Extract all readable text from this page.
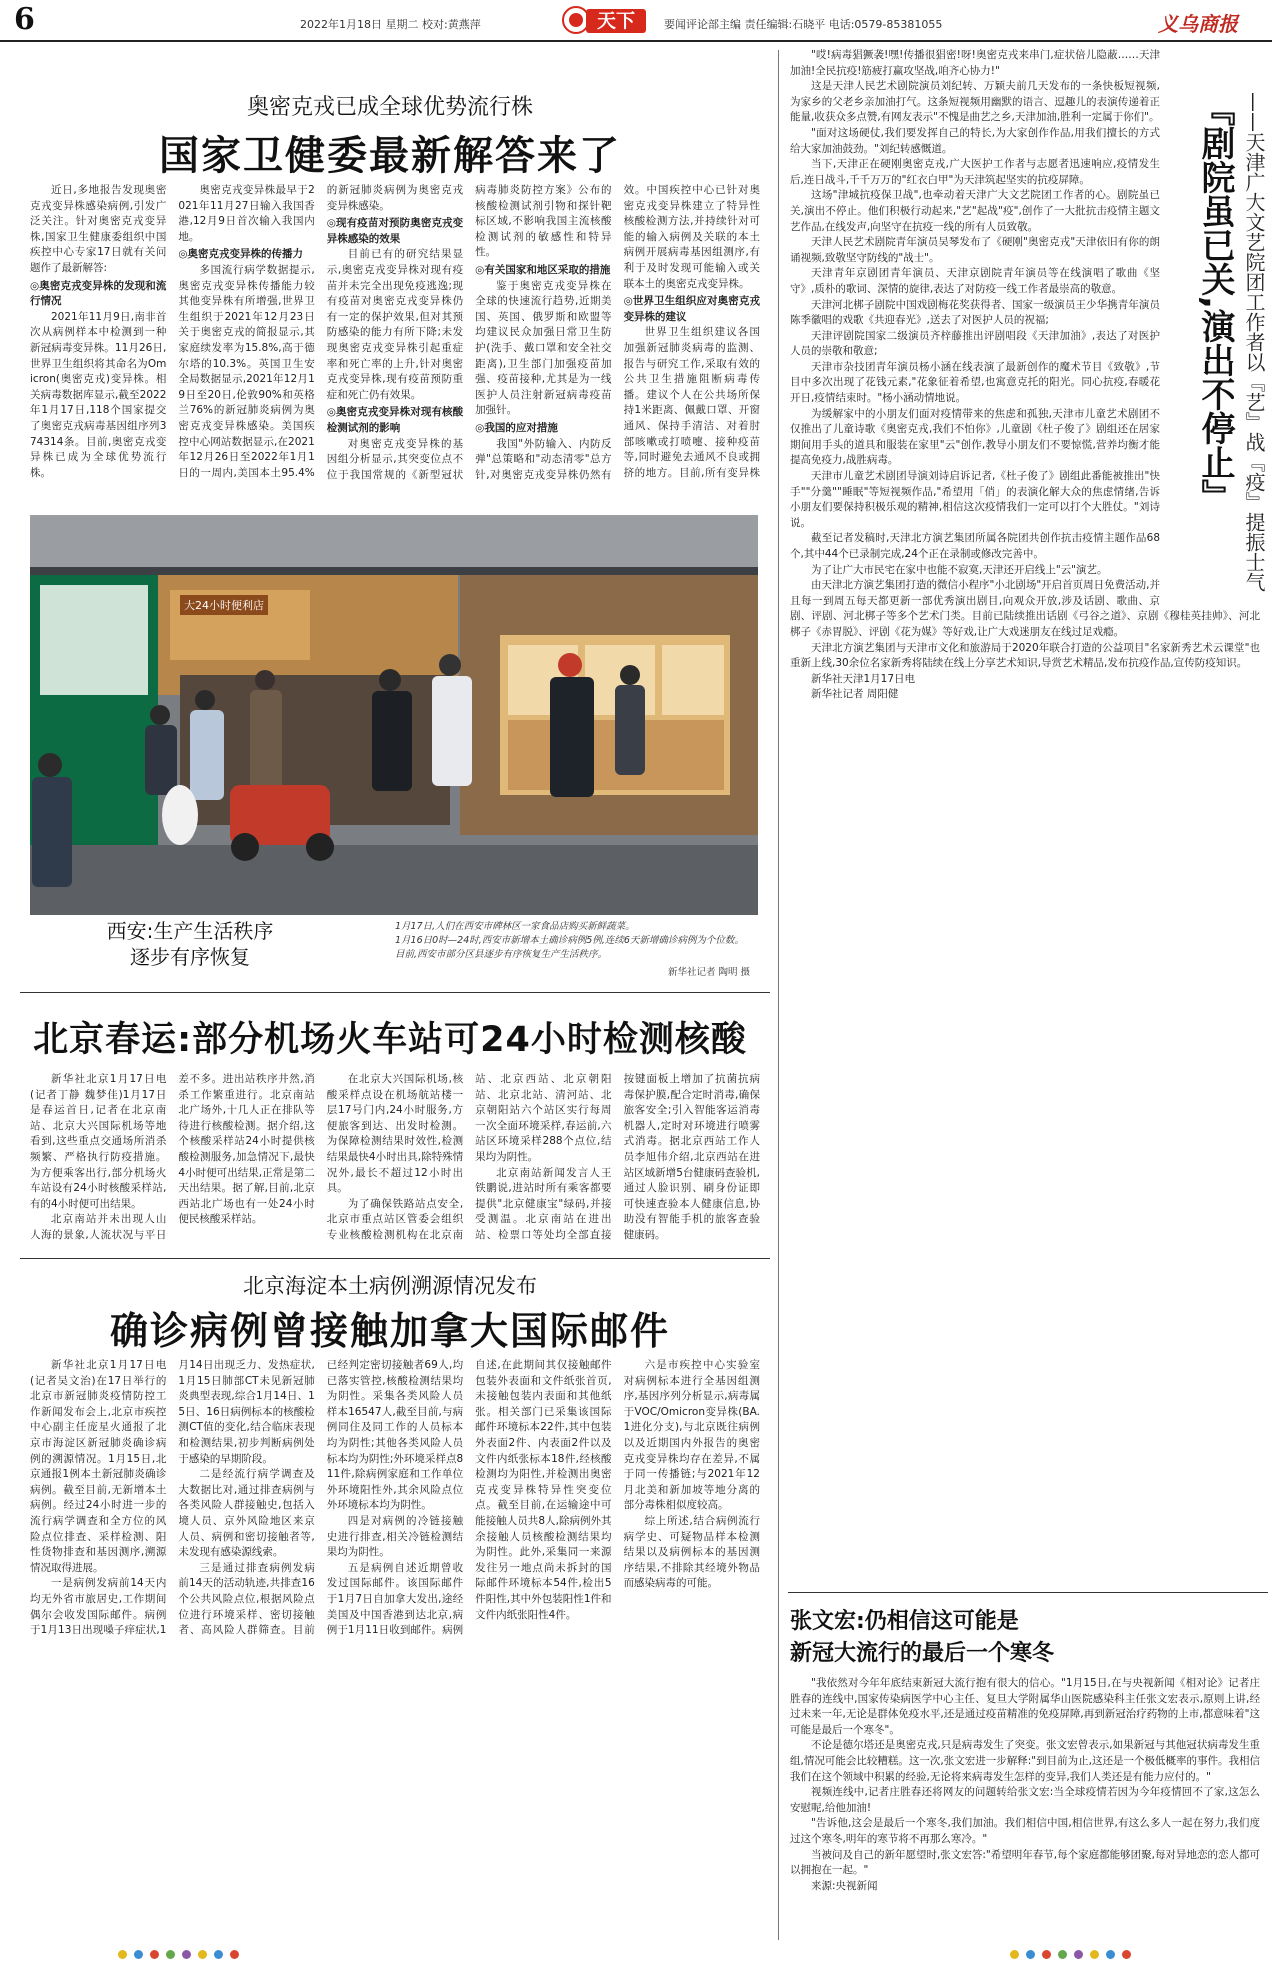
6	2022年1月18日 星期二 校对:黄燕萍	天下	要闻评论部主编 责任编辑:石晓平 电话:0579-85381055	义乌商报
奥密克戎已成全球优势流行株
国家卫健委最新解答来了

近日,多地报告发现奥密克戎变异株感染病例,引发广泛关注。针对奥密克戎变异株,国家卫生健康委组织中国疾控中心专家17日就有关问题作了最新解答:

◎奥密克戎变异株的发现和流行情况

2021年11月9日,南非首次从病例样本中检测到一种新冠病毒变异株。11月26日,世界卫生组织将其命名为Omicron(奥密克戎)变异株。相关病毒数据库显示,截至2022年1月17日,118个国家提交了奥密克戎病毒基因组序列374314条。目前,奥密克戎变异株已成为全球优势流行株。

奥密克戎变异株最早于2021年11月27日输入我国香港,12月9日首次输入我国内地。

◎奥密克戎变异株的传播力

多国流行病学数据提示,奥密克戎变异株传播能力较其他变异株有所增强,世界卫生组织于2021年12月23日关于奥密克戎的简报显示,其家庭续发率为15.8%,高于德尔塔的10.3%。英国卫生安全局数据显示,2021年12月19日至20日,伦敦90%和英格兰76%的新冠肺炎病例为奥密克戎变异株感染。美国疾控中心网站数据显示,在2021年12月26日至2022年1月1日的一周内,美国本土95.4%的新冠肺炎病例为奥密克戎变异株感染。

◎现有疫苗对预防奥密克戎变异株感染的效果

目前已有的研究结果显示,奥密克戎变异株对现有疫苗并未完全出现免疫逃逸;现有疫苗对奥密克戎变异株仍有一定的保护效果,但对其预防感染的能力有所下降;未发现奥密克戎变异株引起重症率和死亡率的上升,针对奥密克戎变异株,现有疫苗预防重症和死亡仍有效果。

◎奥密克戎变异株对现有核酸检测试剂的影响

对奥密克戎变异株的基因组分析显示,其突变位点不位于我国常规的《新型冠状病毒肺炎防控方案》公布的核酸检测试剂引物和探针靶标区域,不影响我国主流核酸检测试剂的敏感性和特异性。

◎有关国家和地区采取的措施

鉴于奥密克戎变异株在全球的快速流行趋势,近期美国、英国、俄罗斯和欧盟等均建议民众加强日常卫生防护(洗手、戴口罩和安全社交距离),卫生部门加强疫苗加强、疫苗接种,尤其是为一线医护人员注射新冠病毒疫苗加强针。

◎我国的应对措施

我国"外防输入、内防反弹"总策略和"动态清零"总方针,对奥密克戎变异株仍然有效。中国疾控中心已针对奥密克戎变异株建立了特异性核酸检测方法,并持续针对可能的输入病例及关联的本土病例开展病毒基因组测序,有利于及时发现可能输入或关联本土的奥密克戎变异株。

◎世界卫生组织应对奥密克戎变异株的建议

世界卫生组织建议各国加强新冠肺炎病毒的监测、报告与研究工作,采取有效的公共卫生措施阻断病毒传播。建议个人在公共场所保持1米距离、佩戴口罩、开窗通风、保持手清洁、对着肘部咳嗽或打喷嚏、接种疫苗等,同时避免去通风不良或拥挤的地方。目前,所有变异株

大24小时便利店
西安:生产生活秩序
逐步有序恢复
1月17日,人们在西安市碑林区一家食品店购买新鲜蔬菜。
1月16日0时—24时,西安市新增本土确诊病例5例,连续6天新增确诊病例为个位数。目前,西安市部分区县逐步有序恢复生产生活秩序。
新华社记者 陶明 摄
北京春运:部分机场火车站可24小时检测核酸

新华社北京1月17日电(记者丁静 魏梦佳)1月17日是春运首日,记者在北京南站、北京大兴国际机场等地看到,这些重点交通场所消杀频繁、严格执行防疫措施。为方便乘客出行,部分机场火车站设有24小时核酸采样站,有的4小时便可出结果。

北京南站并未出现人山人海的景象,人流状况与平日差不多。进出站秩序井然,消杀工作繁重进行。北京南站北广场外,十几人正在排队等待进行核酸检测。据介绍,这个核酸采样站24小时提供核酸检测服务,加急情况下,最快4小时便可出结果,正常是第二天出结果。据了解,目前,北京西站北广场也有一处24小时便民核酸采样站。

在北京大兴国际机场,核酸采样点设在机场航站楼一层17号门内,24小时服务,方便旅客到达、出发时检测。为保障检测结果时效性,检测结果最快4小时出具,除特殊情况外,最长不超过12小时出具。

为了确保铁路站点安全,北京市重点站区管委会组织专业核酸检测机构在北京南站、北京西站、北京朝阳站、北京北站、清河站、北京朝阳站六个站区实行每周一次全面环境采样,春运前,六站区环境采样288个点位,结果均为阴性。

北京南站新闻发言人王铁鹏说,进站时所有乘客都要提供"北京健康宝"绿码,并接受测温。北京南站在进出站、检票口等处均全部直接按键面板上增加了抗菌抗病毒保护膜,配合定时消毒,确保旅客安全;引入智能客运消毒机器人,定时对环境进行喷雾式消毒。据北京西站工作人员李旭伟介绍,北京西站在进站区域新增5台健康码查验机,通过人脸识别、刷身份证即可快速查验本人健康信息,协助没有智能手机的旅客查验健康码。

北京海淀本土病例溯源情况发布
确诊病例曾接触加拿大国际邮件

新华社北京1月17日电(记者吴文治)在17日举行的北京市新冠肺炎疫情防控工作新闻发布会上,北京市疾控中心副主任庞星火通报了北京市海淀区新冠肺炎确诊病例的溯源情况。1月15日,北京通报1例本土新冠肺炎确诊病例。截至目前,无新增本土病例。经过24小时进一步的流行病学调查和全方位的风险点位排查、采样检测、阳性货物排查和基因测序,溯源情况取得进展。

一是病例发病前14天内均无外省市旅居史,工作期间偶尔会收发国际邮件。病例于1月13日出现嗓子痒症状,1月14日出现乏力、发热症状,1月15日肺部CT未见新冠肺炎典型表现,综合1月14日、15日、16日病例标本的核酸检测CT值的变化,结合临床表现和检测结果,初步判断病例处于感染的早期阶段。

二是经流行病学调查及大数据比对,通过排查病例与各类风险人群接触史,包括入境人员、京外风险地区来京人员、病例和密切接触者等,未发现有感染源线索。

三是通过排查病例发病前14天的活动轨迹,共排查16个公共风险点位,根据风险点位进行环境采样、密切接触者、高风险人群筛查。目前已经判定密切接触者69人,均已落实管控,核酸检测结果均为阴性。采集各类风险人员样本16547人,截至目前,与病例同住及同工作的人员标本均为阴性;其他各类风险人员标本均为阴性;外环境采样点811件,除病例家庭和工作单位外环境阳性外,其余风险点位外环境标本均为阴性。

四是对病例的冷链接触史进行排查,相关冷链检测结果均为阴性。

五是病例自述近期曾收发过国际邮件。该国际邮件于1月7日自加拿大发出,途经美国及中国香港到达北京,病例于1月11日收到邮件。病例自述,在此期间其仅接触邮件包装外表面和文件纸张首页,未接触包装内表面和其他纸张。相关部门已采集该国际邮件环境标本22件,其中包装外表面2件、内表面2件以及文件内纸张标本18件,经核酸检测均为阳性,并检测出奥密克戎变异株特异性突变位点。截至目前,在运输途中可能接触人员共8人,除病例外其余接触人员核酸检测结果均为阴性。此外,采集同一来源发往另一地点尚未拆封的国际邮件环境标本54件,检出5件阳性,其中外包装阳性1件和文件内纸张阳性4件。

六是市疾控中心实验室对病例标本进行全基因组测序,基因序列分析显示,病毒属于VOC/Omicron变异株(BA.1进化分支),与北京既往病例以及近期国内外报告的奥密克戎变异株均存在差异,不属于同一传播链;与2021年12月北美和新加坡等地分离的部分毒株相似度较高。

综上所述,结合病例流行病学史、可疑物品样本检测结果以及病例标本的基因测序结果,不排除其经境外物品而感染病毒的可能。

『剧院虽已关,演出不停止』 ——天津广大文艺院团工作者以『艺』战『疫』提振士气

"哎!病毒猖獗袭!嘿!传播很猖密!呀!奥密克戎来串门,症状倍儿隐蔽……天津加油!全民抗疫!筋疲打赢攻坚战,咱齐心协力!"

这是天津人民艺术剧院演员刘纪转、万颖夫前几天发布的一条快板短视频,为家乡的父老乡亲加油打气。这条短视频用幽默的语言、逗趣儿的表演传递着正能量,收获众多点赞,有网友表示"不愧是曲艺之乡,天津加油,胜利一定属于你们"。

"面对这场硬仗,我们要发挥自己的特长,为大家创作作品,用我们擅长的方式给大家加油鼓劲。"刘纪转感慨道。

当下,天津正在硬刚奥密克戎,广大医护工作者与志愿者迅速响应,疫情发生后,连日战斗,千千万万的"红衣白甲"为天津筑起坚实的抗疫屏障。

这场"津城抗疫保卫战",也牵动着天津广大文艺院团工作者的心。剧院虽已关,演出不停止。他们积极行动起来,"艺"起战"疫",创作了一大批抗击疫情主题文艺作品,在线发声,向坚守在抗疫一线的所有人员致敬。

天津人民艺术剧院青年演员吴琴发布了《硬刚"奥密克戎"天津依旧有你的朗诵视频,致敬坚守防线的"战士"。

天津青年京剧团青年演员、天津京剧院青年演员等在线演唱了歌曲《坚守》,质朴的歌词、深情的旋律,表达了对防疫一线工作者最崇高的敬意。

天津河北梆子剧院中国戏剧梅花奖获得者、国家一级演员王少华携青年演员陈季徽唱的戏歌《共迎春光》,送去了对医护人员的祝福;

天津评剧院国家二级演员齐梓藤推出评剧唱段《天津加油》,表达了对医护人员的崇敬和敬意;

天津市杂技团青年演员杨小涵在线表演了最新创作的魔术节目《致敬》,节目中多次出现了花钱元素,"花象征着希望,也寓意克托的阳光。同心抗疫,春暖花开日,疫情结束时。"杨小涵动情地说。

为缓解家中的小朋友们面对疫情带来的焦虑和孤独,天津市儿童艺术剧团不仅推出了儿童诗歌《奥密克戎,我们不怕你》,儿童剧《杜子俊了》剧组还在居家期间用手头的道具和服装在家里"云"创作,教导小朋友们不要惊慌,营养均衡才能提高免疫力,战胜病毒。

天津市儿童艺术剧团导演刘诗启诉记者,《杜子俊了》剧组此番能被推出"快手""分羹""睡眠"等短视频作品,"希望用「俏」的表演化解大众的焦虑情绪,告诉小朋友们要保持积极乐观的精神,相信这次疫情我们一定可以打个大胜仗。"刘诗说。

截至记者发稿时,天津北方演艺集团所属各院团共创作抗击疫情主题作品68个,其中44个已录制完成,24个正在录制或修改完善中。

为了让广大市民宅在家中也能不寂寞,天津还开启线上"云"演艺。

由天津北方演艺集团打造的微信小程序"小北剧场"开启首页周日免费活动,并且每一到周五每天都更新一部优秀演出剧目,向观众开放,涉及话剧、歌曲、京剧、评剧、河北梆子等多个艺术门类。目前已陆续推出话剧《弓谷之道》、京剧《穆桂英挂帅》、河北梆子《赤胃脱》、评剧《花为媒》等好戏,让广大戏迷朋友在线过足戏瘾。

天津北方演艺集团与天津市文化和旅游局于2020年联合打造的公益项目"名家新秀艺术云课堂"也重新上线,30余位名家新秀将陆续在线上分享艺术知识,导赏艺术精品,发布抗疫作品,宣传防疫知识。

新华社天津1月17日电

新华社记者 周阳健

张文宏:仍相信这可能是
新冠大流行的最后一个寒冬

"我依然对今年年底结束新冠大流行抱有很大的信心。"1月15日,在与央视新闻《相对论》记者庄胜春的连线中,国家传染病医学中心主任、复旦大学附属华山医院感染科主任张文宏表示,原则上讲,经过未来一年,无论是群体免疫水平,还是通过疫苗精准的免疫屏障,再到新冠治疗药物的上市,都意味着"这可能是最后一个寒冬"。

不论是德尔塔还是奥密克戎,只是病毒发生了突变。张文宏曾表示,如果新冠与其他冠状病毒发生重组,情况可能会比较糟糕。这一次,张文宏进一步解释:"到目前为止,这还是一个极低概率的事件。我相信我们在这个领域中积累的经验,无论将来病毒发生怎样的变异,我们人类还是有能力应付的。"

视频连线中,记者庄胜春还将网友的问题转给张文宏:当全球疫情若因为今年疫情回不了家,这怎么安慰呢,给他加油!

"告诉他,这会是最后一个寒冬,我们加油。我们相信中国,相信世界,有这么多人一起在努力,我们度过这个寒冬,明年的寒节将不再那么寒冷。"

当被问及自己的新年愿望时,张文宏答:"希望明年春节,每个家庭都能够团聚,每对异地恋的恋人都可以拥抱在一起。"

来源:央视新闻
